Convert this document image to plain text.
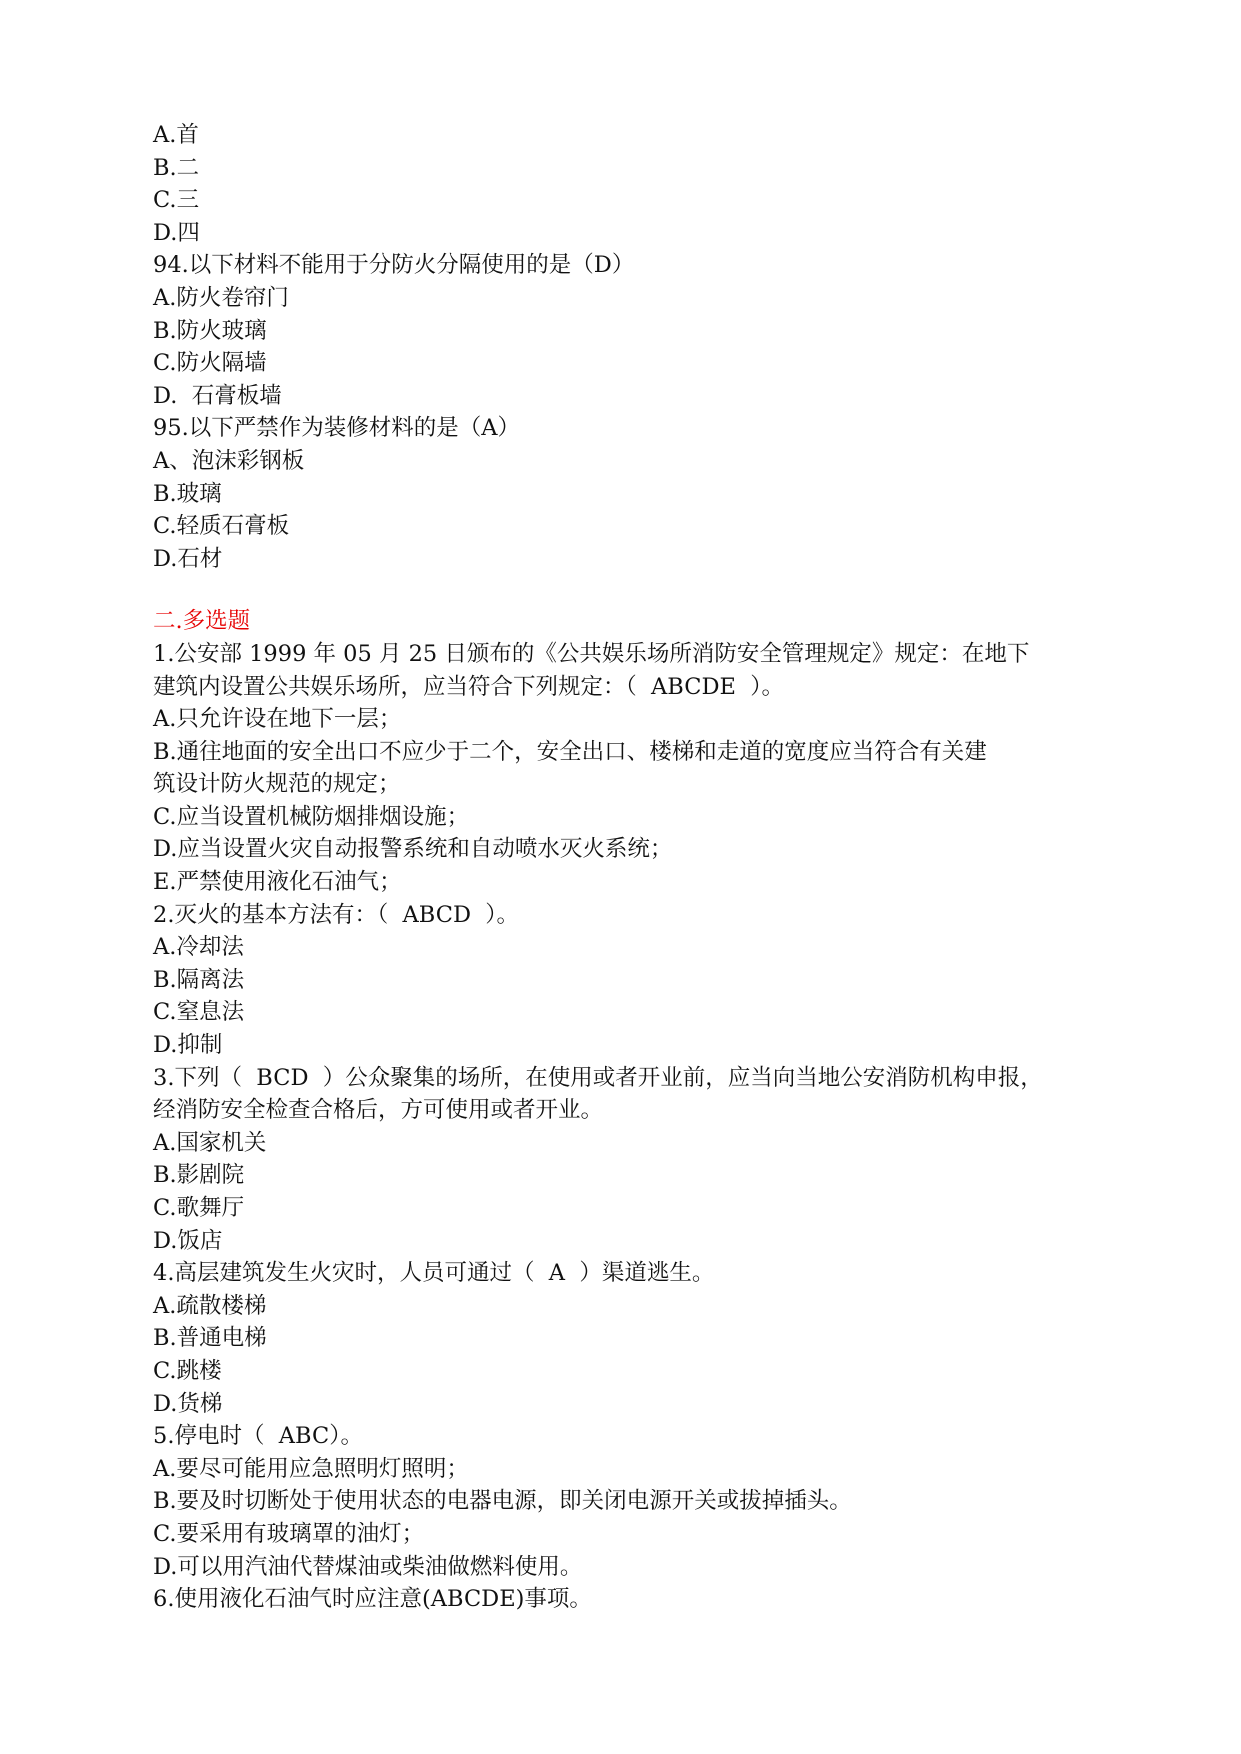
A.首
B.二
C.三
D.四
94.以下材料不能用于分防火分隔使用的是（D）
A.防火卷帘门
B.防火玻璃
C.防火隔墙
D.  石膏板墙
95.以下严禁作为装修材料的是（A）
A、泡沫彩钢板
B.玻璃
C.轻质石膏板
D.石材
二.多选题
1.公安部 1999 年 05 月 25 日颁布的《公共娱乐场所消防安全管理规定》规定：在地下
建筑内设置公共娱乐场所，应当符合下列规定：（  ABCDE  ）。
A.只允许设在地下一层；
B.通往地面的安全出口不应少于二个，安全出口、楼梯和走道的宽度应当符合有关建
筑设计防火规范的规定；
C.应当设置机械防烟排烟设施；
D.应当设置火灾自动报警系统和自动喷水灭火系统；
E.严禁使用液化石油气；
2.灭火的基本方法有：（  ABCD  ）。
A.冷却法
B.隔离法
C.窒息法
D.抑制
3.下列（  BCD  ）公众聚集的场所，在使用或者开业前，应当向当地公安消防机构申报，
经消防安全检查合格后，方可使用或者开业。
A.国家机关
B.影剧院
C.歌舞厅
D.饭店
4.高层建筑发生火灾时，人员可通过（  A  ）渠道逃生。
A.疏散楼梯
B.普通电梯
C.跳楼
D.货梯
5.停电时（  ABC）。
A.要尽可能用应急照明灯照明；
B.要及时切断处于使用状态的电器电源，即关闭电源开关或拔掉插头。
C.要采用有玻璃罩的油灯；
D.可以用汽油代替煤油或柴油做燃料使用。
6.使用液化石油气时应注意(ABCDE)事项。
